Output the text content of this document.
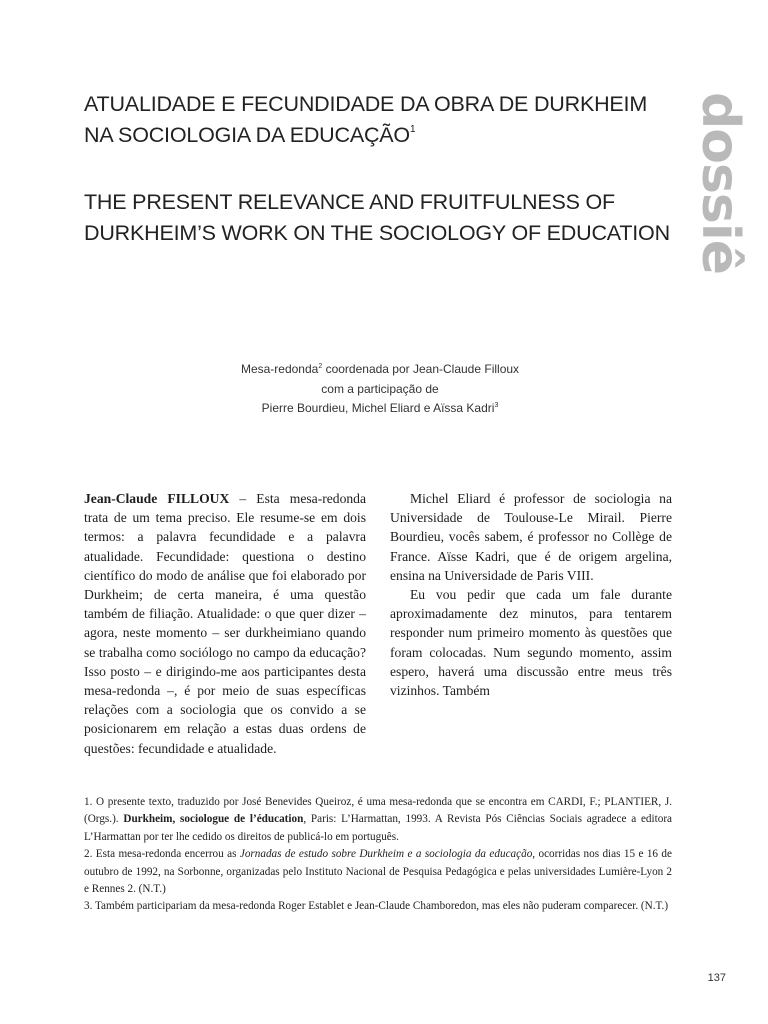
ATUALIDADE E FECUNDIDADE DA OBRA DE DURKHEIM
NA SOCIOLOGIA DA EDUCAÇÃO$^1$
THE PRESENT RELEVANCE AND FRUITFULNESS OF
DURKHEIM’S WORK ON THE SOCIOLOGY OF EDUCATION dossiê
Mesa-redonda$^2$ coordenada por Jean-Claude Filloux
com a participação de
Pierre Bourdieu, Michel Eliard e Aïssa Kadri$^3$

Jean-Claude FILLOUX – Esta mesa-redonda trata de um tema preciso. Ele resume-se em dois termos: a palavra fecundidade e a palavra atualidade. Fecundidade: questiona o destino científico do modo de análise que foi elaborado por Durkheim; de certa maneira, é uma questão também de filiação. Atualidade: o que quer dizer – agora, neste momento – ser durkheimiano quando se trabalha como sociólogo no campo da educação? Isso posto – e dirigindo-me aos participantes desta mesa-redonda –, é por meio de suas específicas relações com a sociologia que os convido a se posicionarem em relação a estas duas ordens de questões: fecundidade e atualidade.

Michel Eliard é professor de sociologia na Universidade de Toulouse-Le Mirail. Pierre Bourdieu, vocês sabem, é professor no Collège de France. Aïsse Kadri, que é de origem argelina, ensina na Universidade de Paris VIII.

Eu vou pedir que cada um fale durante aproximadamente dez minutos, para tentarem responder num primeiro momento às questões que foram colocadas. Num segundo momento, assim espero, haverá uma discussão entre meus três vizinhos. Também

1. O presente texto, traduzido por José Benevides Queiroz, é uma mesa-redonda que se encontra em CARDI, F.; PLANTIER, J. (Orgs.). Durkheim, sociologue de l’éducation, Paris: L’Harmattan, 1993. A Revista Pós Ciências Sociais agradece a editora L’Harmattan por ter lhe cedido os direitos de publicá-lo em português.

2. Esta mesa-redonda encerrou as Jornadas de estudo sobre Durkheim e a sociologia da educação, ocorridas nos dias 15 e 16 de outubro de 1992, na Sorbonne, organizadas pelo Instituto Nacional de Pesquisa Pedagógica e pelas universidades Lumière-Lyon 2 e Rennes 2. (N.T.)

3. Também participariam da mesa-redonda Roger Establet e Jean-Claude Chamboredon, mas eles não puderam comparecer. (N.T.)

137
